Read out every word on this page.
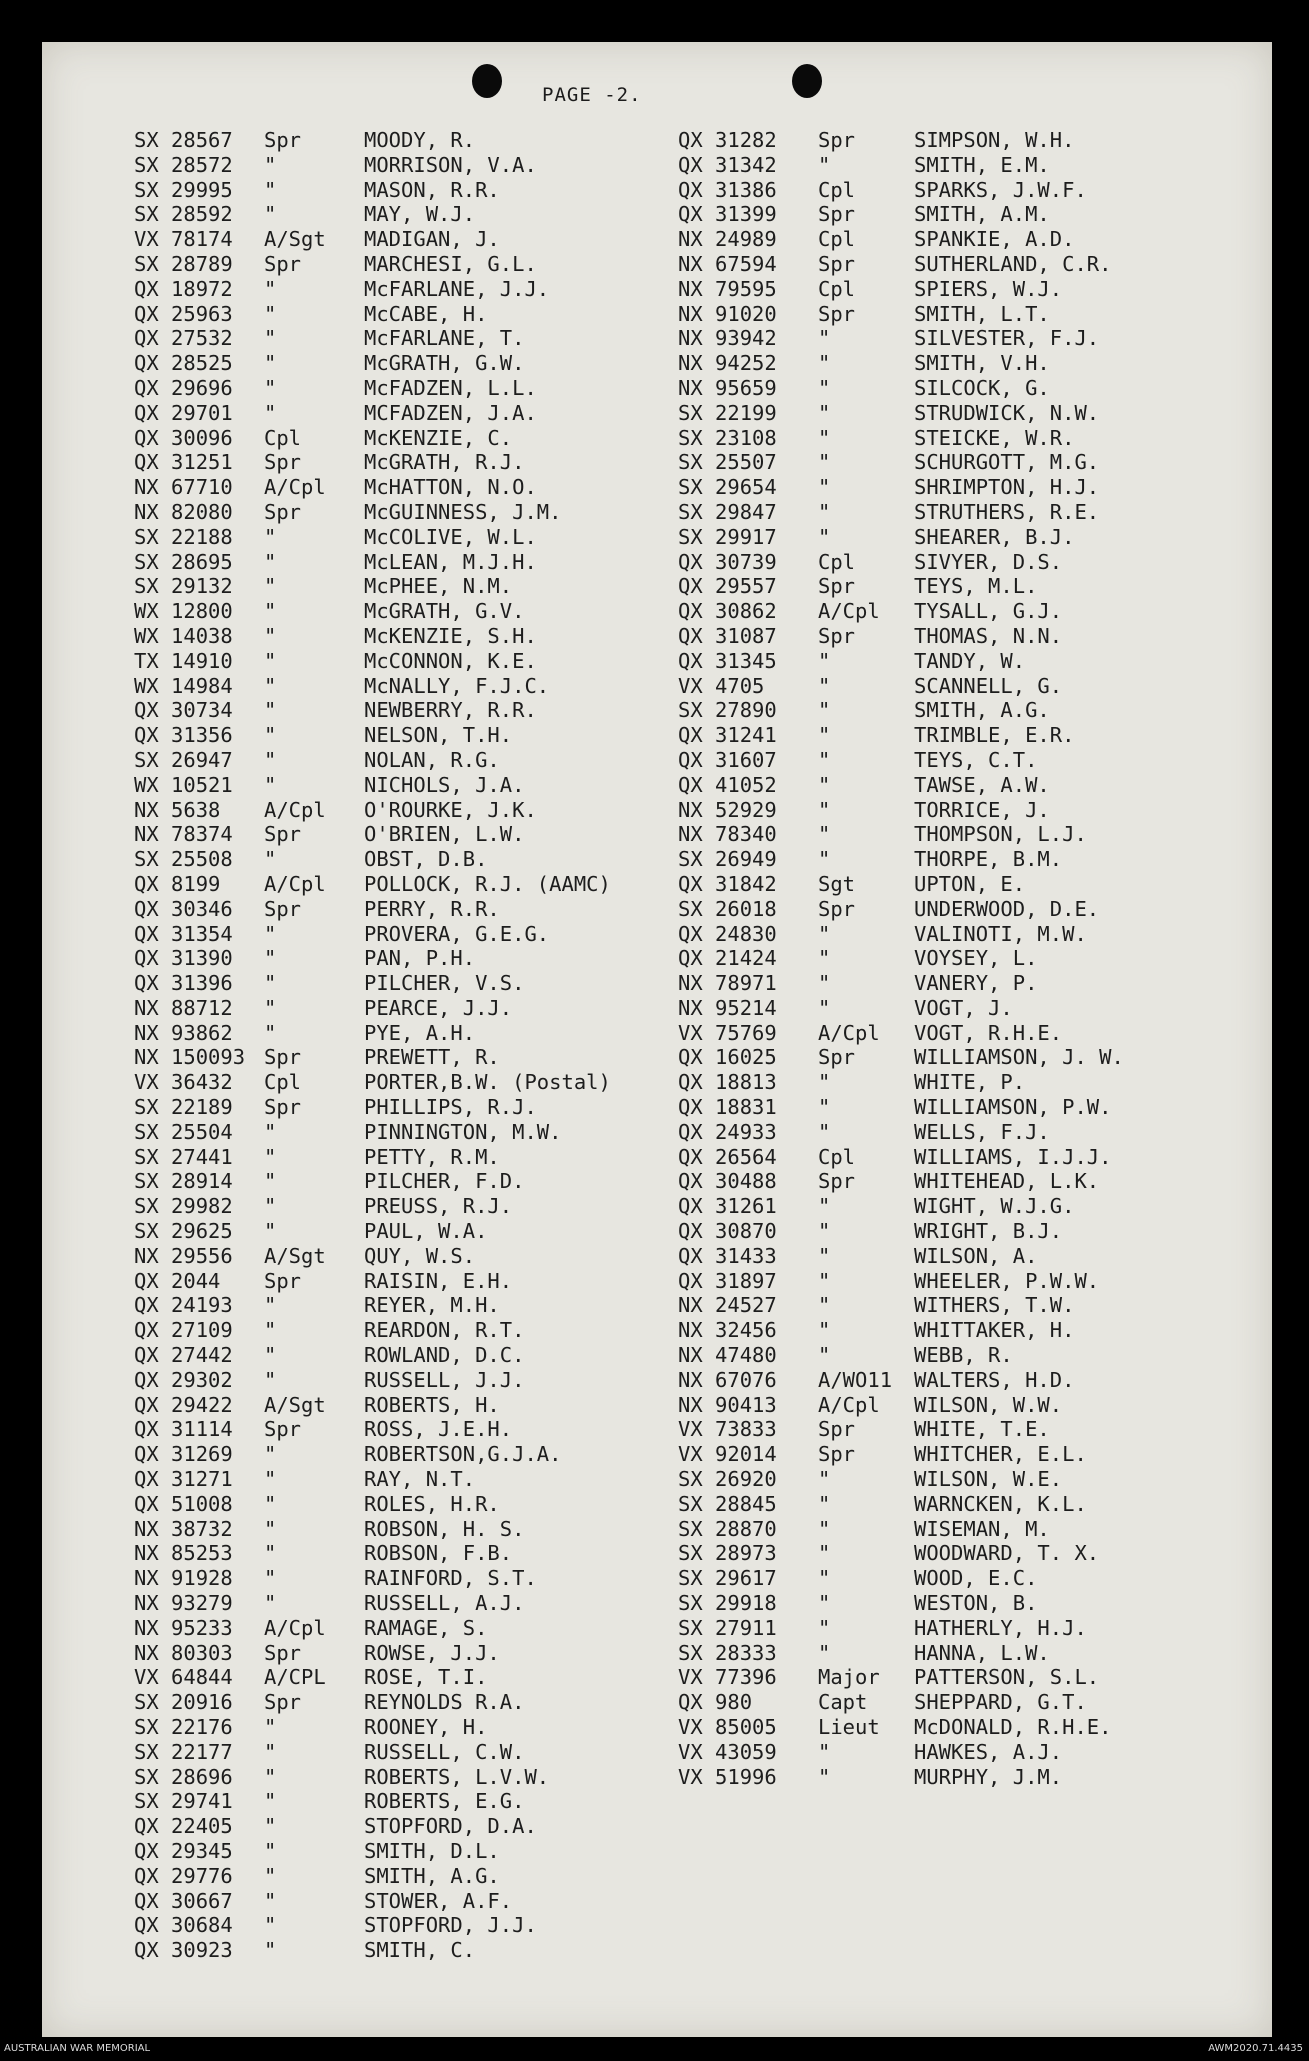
PAGE -2.
SX 28567 Spr	MOODY, R.
SX 28572 "	MORRISON, V.A.
SX 29995 "	MASON, R.R.
SX 28592 "	MAY, W.J.
VX 78174 A/Sgt MADIGAN, J.
SX 28789 Spr	MARCHESI, G.L.
QX 18972 "	McFARLANE, J.J.
QX 25963 "	McCABE, H.
QX 27532 "	McFARLANE, T.
QX 28525 "	McGRATH, G.W.
QX 29696 "	McFADZEN, L.L.
QX 29701 "	MCFADZEN, J.A.
QX 30096 Cpl	McKENZIE, C.
QX 31251 Spr	McGRATH, R.J.
NX 67710 A/Cpl McHATTON, N.O.
NX 82080 Spr	McGUINNESS, J.M.
SX 22188 "	McCOLIVE, W.L.
SX 28695 "	McLEAN, M.J.H.
SX 29132 "	McPHEE, N.M.
WX 12800 "	McGRATH, G.V.
WX 14038 "	McKENZIE, S.H.
TX 14910 "	McCONNON, K.E.
WX 14984 "	McNALLY, F.J.C.
QX 30734 "	NEWBERRY, R.R.
QX 31356 "	NELSON, T.H.
SX 26947 "	NOLAN, R.G.
WX 10521 "	NICHOLS, J.A.
NX 5638 A/Cpl O'ROURKE, J.K.
NX 78374 Spr	O'BRIEN, L.W.
SX 25508 "	OBST, D.B.
QX 8199 A/Cpl POLLOCK, R.J. (AAMC)
QX 30346 Spr	PERRY, R.R.
QX 31354 "	PROVERA, G.E.G.
QX 31390 "	PAN, P.H.
QX 31396 "	PILCHER, V.S.
NX 88712 "	PEARCE, J.J.
NX 93862 "	PYE, A.H.
NX 150093 Spr	PREWETT, R.
VX 36432 Cpl	PORTER,B.W. (Postal)
SX 22189 Spr	PHILLIPS, R.J.
SX 25504 "	PINNINGTON, M.W.
SX 27441 "	PETTY, R.M.
SX 28914 "	PILCHER, F.D.
SX 29982 "	PREUSS, R.J.
SX 29625 "	PAUL, W.A.
NX 29556 A/Sgt QUY, W.S.
QX 2044 Spr	RAISIN, E.H.
QX 24193 "	REYER, M.H.
QX 27109 "	REARDON, R.T.
QX 27442 "	ROWLAND, D.C.
QX 29302 "	RUSSELL, J.J.
QX 29422 A/Sgt ROBERTS, H.
QX 31114 Spr	ROSS, J.E.H.
QX 31269 "	ROBERTSON,G.J.A.
QX 31271 "	RAY, N.T.
QX 51008 "	ROLES, H.R.
NX 38732 "	ROBSON, H. S.
NX 85253 "	ROBSON, F.B.
NX 91928 "	RAINFORD, S.T.
NX 93279 "	RUSSELL, A.J.
NX 95233 A/Cpl RAMAGE, S.
NX 80303 Spr	ROWSE, J.J.
VX 64844 A/CPL ROSE, T.I.
SX 20916 Spr	REYNOLDS R.A.
SX 22176 "	ROONEY, H.
SX 22177 "	RUSSELL, C.W.
SX 28696 "	ROBERTS, L.V.W.
SX 29741 "	ROBERTS, E.G.
QX 22405 "	STOPFORD, D.A.
QX 29345 "	SMITH, D.L.
QX 29776 "	SMITH, A.G.
QX 30667 "	STOWER, A.F.
QX 30684 "	STOPFORD, J.J.
QX 30923 "	SMITH, C.
QX 31282 Spr	SIMPSON, W.H.
QX 31342 "	SMITH, E.M.
QX 31386 Cpl	SPARKS, J.W.F.
QX 31399 Spr	SMITH, A.M.
NX 24989 Cpl	SPANKIE, A.D.
NX 67594 Spr	SUTHERLAND, C.R.
NX 79595 Cpl	SPIERS, W.J.
NX 91020 Spr	SMITH, L.T.
NX 93942 "	SILVESTER, F.J.
NX 94252 "	SMITH, V.H.
NX 95659 "	SILCOCK, G.
SX 22199 "	STRUDWICK, N.W.
SX 23108 "	STEICKE, W.R.
SX 25507 "	SCHURGOTT, M.G.
SX 29654 "	SHRIMPTON, H.J.
SX 29847 "	STRUTHERS, R.E.
SX 29917 "	SHEARER, B.J.
QX 30739 Cpl	SIVYER, D.S.
QX 29557 Spr	TEYS, M.L.
QX 30862 A/Cpl TYSALL, G.J.
QX 31087 Spr	THOMAS, N.N.
QX 31345 "	TANDY, W.
VX 4705	"	SCANNELL, G.
SX 27890 "	SMITH, A.G.
QX 31241 "	TRIMBLE, E.R.
QX 31607 "	TEYS, C.T.
QX 41052 "	TAWSE, A.W.
NX 52929 "	TORRICE, J.
NX 78340 "	THOMPSON, L.J.
SX 26949 "	THORPE, B.M.
QX 31842 Sgt	UPTON, E.
SX 26018 Spr	UNDERWOOD, D.E.
QX 24830 "	VALINOTI, M.W.
QX 21424 "	VOYSEY, L.
NX 78971 "	VANERY, P.
NX 95214 "	VOGT, J.
VX 75769 A/Cpl VOGT, R.H.E.
QX 16025 Spr	WILLIAMSON, J. W.
QX 18813 "	WHITE, P.
QX 18831 "	WILLIAMSON, P.W.
QX 24933 "	WELLS, F.J.
QX 26564 Cpl	WILLIAMS, I.J.J.
QX 30488 Spr	WHITEHEAD, L.K.
QX 31261 "	WIGHT, W.J.G.
QX 30870 "	WRIGHT, B.J.
QX 31433 "	WILSON, A.
QX 31897 "	WHEELER, P.W.W.
NX 24527 "	WITHERS, T.W.
NX 32456 "	WHITTAKER, H.
NX 47480 "	WEBB, R.
NX 67076 A/WO11 WALTERS, H.D.
NX 90413 A/Cpl WILSON, W.W.
VX 73833 Spr	WHITE, T.E.
VX 92014 Spr	WHITCHER, E.L.
SX 26920 "	WILSON, W.E.
SX 28845 "	WARNCKEN, K.L.
SX 28870 "	WISEMAN, M.
SX 28973 "	WOODWARD, T. X.
SX 29617 "	WOOD, E.C.
SX 29918 "	WESTON, B.
SX 27911 "	HATHERLY, H.J.
SX 28333 "	HANNA, L.W.
VX 77396 Major PATTERSON, S.L.
QX 980	Capt SHEPPARD, G.T.
VX 85005 Lieut McDONALD, R.H.E.
VX 43059 "	HAWKES, A.J.
VX 51996 "	MURPHY, J.M.
AUSTRALIAN WAR MEMORIAL	AWM2020.71.4435
